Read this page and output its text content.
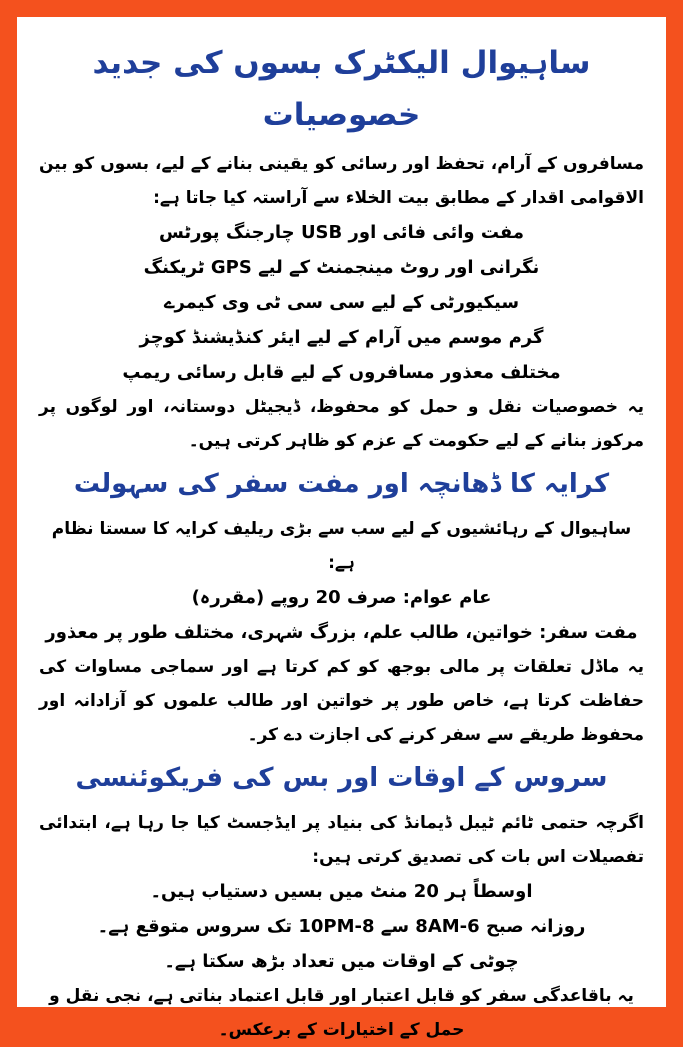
ساہیوال الیکٹرک بسوں کی جدید خصوصیات

مسافروں کے آرام، تحفظ اور رسائی کو یقینی بنانے کے لیے، بسوں کو بین الاقوامی اقدار کے مطابق بیت الخلاء سے آراستہ کیا جاتا ہے:

مفت وائی فائی اور USB چارجنگ پورٹس
نگرانی اور روٹ مینجمنٹ کے لیے GPS ٹریکنگ
سیکیورٹی کے لیے سی سی ٹی وی کیمرے
گرم موسم میں آرام کے لیے ایئر کنڈیشنڈ کوچز
مختلف معذور مسافروں کے لیے قابل رسائی ریمپ

یہ خصوصیات نقل و حمل کو محفوظ، ڈیجیٹل دوستانہ، اور لوگوں پر مرکوز بنانے کے لیے حکومت کے عزم کو ظاہر کرتی ہیں۔

کرایہ کا ڈھانچہ اور مفت سفر کی سہولت

ساہیوال کے رہائشیوں کے لیے سب سے بڑی ریلیف کرایہ کا سستا نظام ہے:

عام عوام: صرف 20 روپے (مقررہ)
مفت سفر: خواتین، طالب علم، بزرگ شہری، مختلف طور پر معذور

یہ ماڈل تعلقات پر مالی بوجھ کو کم کرتا ہے اور سماجی مساوات کی حفاظت کرتا ہے، خاص طور پر خواتین اور طالب علموں کو آزادانہ اور محفوظ طریقے سے سفر کرنے کی اجازت دے کر۔

سروس کے اوقات اور بس کی فریکوئنسی

اگرچہ حتمی ٹائم ٹیبل ڈیمانڈ کی بنیاد پر ایڈجسٹ کیا جا رہا ہے، ابتدائی تفصیلات اس بات کی تصدیق کرتی ہیں:

اوسطاً ہر 20 منٹ میں بسیں دستیاب ہیں۔
روزانہ صبح 6-8AM سے 8-10PM تک سروس متوقع ہے۔
چوٹی کے اوقات میں تعداد بڑھ سکتا ہے۔

یہ باقاعدگی سفر کو قابل اعتبار اور قابل اعتماد بناتی ہے، نجی نقل و حمل کے اختیارات کے برعکس۔
